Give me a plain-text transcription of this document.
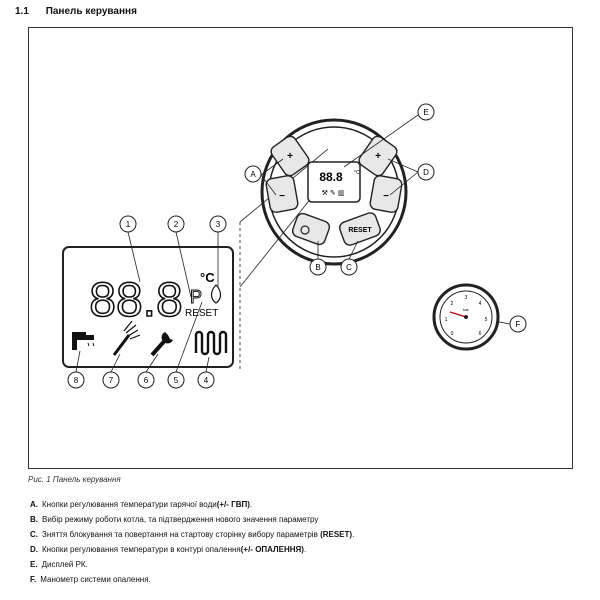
1.1 Панель керування
+
−
+
−
RESET
88.8 °C
⚒ ✎ ▥
A
B	C
D
E
F
bar
0
1
2
3
4
5
6
88.8 °C
P
RESET
1	2	3
4
5
6
7
8
Рис. 1 Панель керування
A. Кнопки регулювання температури гарячої води(+/- ГВП).
B. Вибір режиму роботи котла, та підтвердження нового значення параметру
C. Зняття блокування та повертання на стартову сторінку вибору параметрів (RESET).
D. Кнопки регулювання температури в контурі опалення(+/- ОПАЛЕННЯ).
E. Дисплей РК.
F. Манометр системи опалення.
